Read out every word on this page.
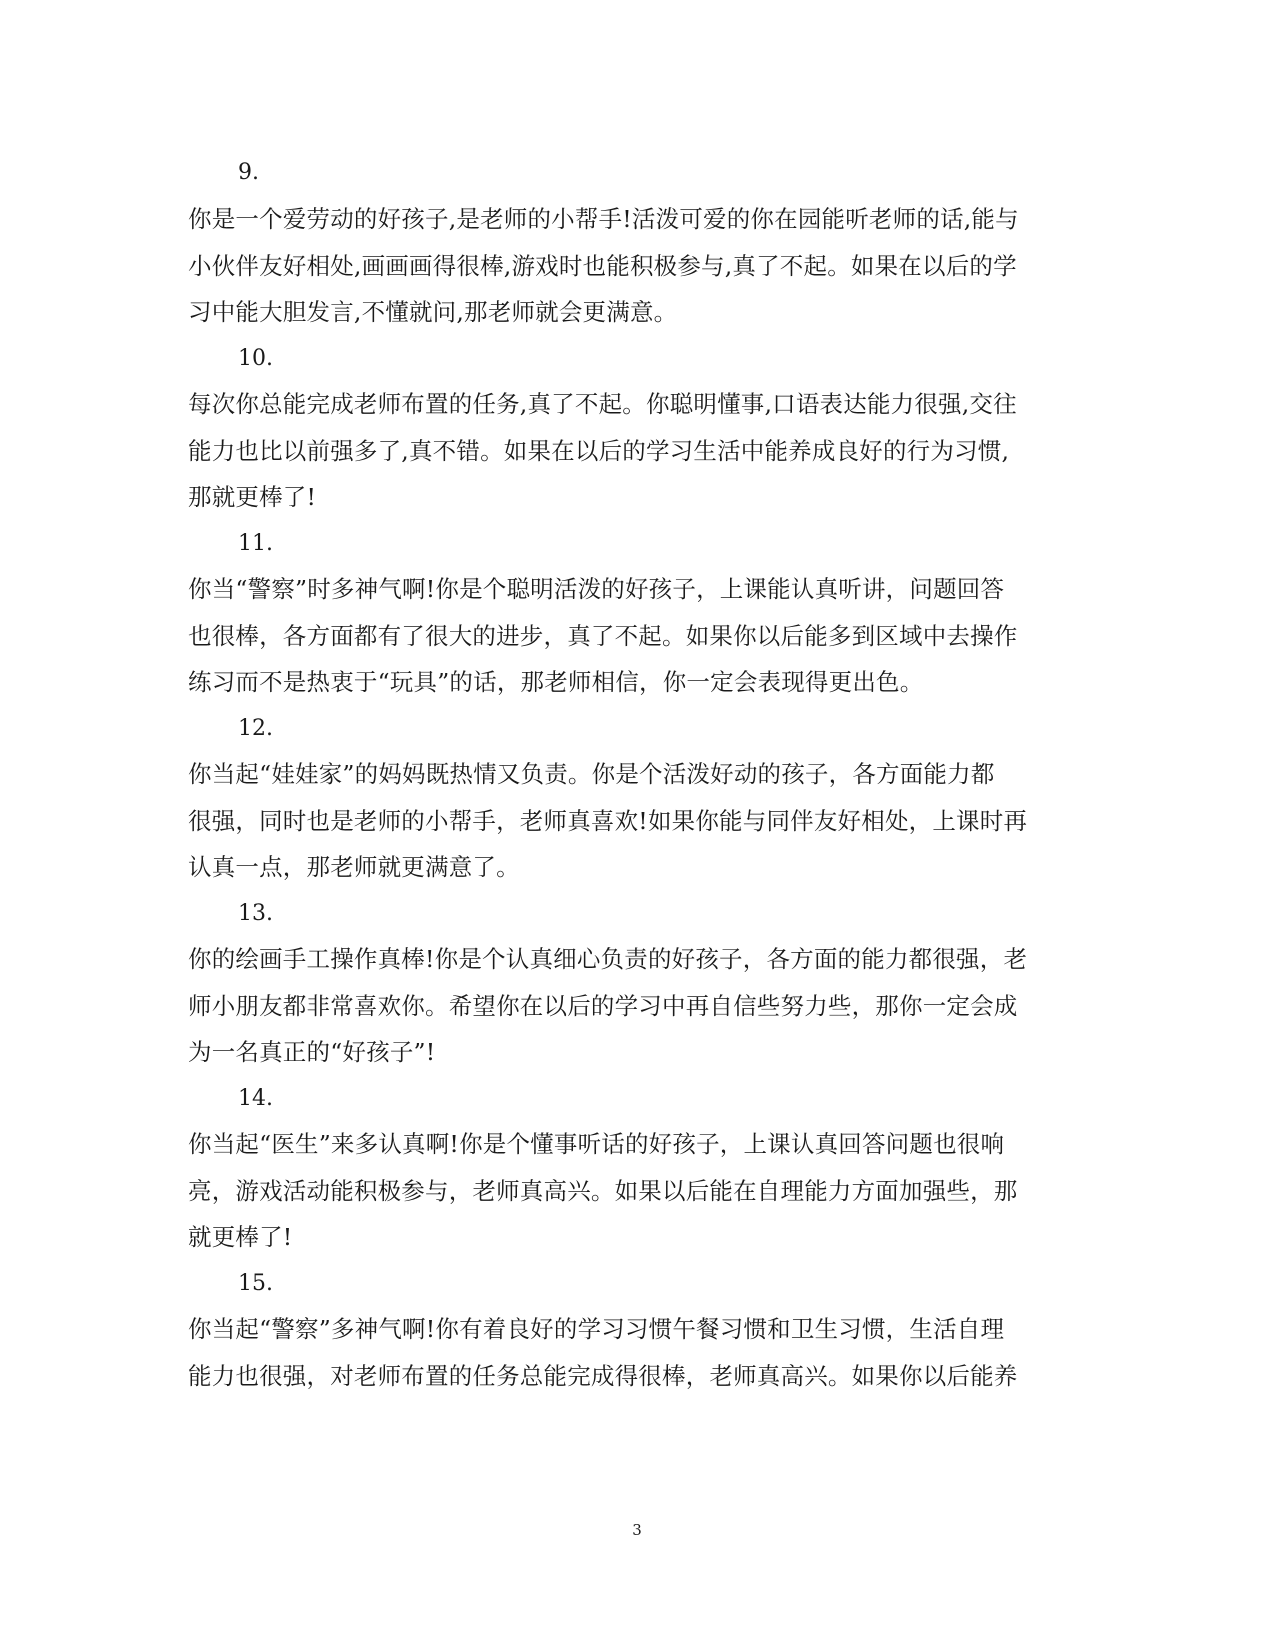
9.
你是一个爱劳动的好孩子,是老师的小帮手!活泼可爱的你在园能听老师的话,能与
小伙伴友好相处,画画画得很棒,游戏时也能积极参与,真了不起。如果在以后的学
习中能大胆发言,不懂就问,那老师就会更满意。
10.
每次你总能完成老师布置的任务,真了不起。你聪明懂事,口语表达能力很强,交往
能力也比以前强多了,真不错。如果在以后的学习生活中能养成良好的行为习惯,
那就更棒了!
11.
你当“警察”时多神气啊!你是个聪明活泼的好孩子，上课能认真听讲，问题回答
也很棒，各方面都有了很大的进步，真了不起。如果你以后能多到区域中去操作
练习而不是热衷于“玩具”的话，那老师相信，你一定会表现得更出色。
12.
你当起“娃娃家”的妈妈既热情又负责。你是个活泼好动的孩子，各方面能力都
很强，同时也是老师的小帮手，老师真喜欢!如果你能与同伴友好相处，上课时再
认真一点，那老师就更满意了。
13.
你的绘画手工操作真棒!你是个认真细心负责的好孩子，各方面的能力都很强，老
师小朋友都非常喜欢你。希望你在以后的学习中再自信些努力些，那你一定会成
为一名真正的“好孩子”!
14.
你当起“医生”来多认真啊!你是个懂事听话的好孩子，上课认真回答问题也很响
亮，游戏活动能积极参与，老师真高兴。如果以后能在自理能力方面加强些，那
就更棒了!
15.
你当起“警察”多神气啊!你有着良好的学习习惯午餐习惯和卫生习惯，生活自理
能力也很强，对老师布置的任务总能完成得很棒，老师真高兴。如果你以后能养
3
